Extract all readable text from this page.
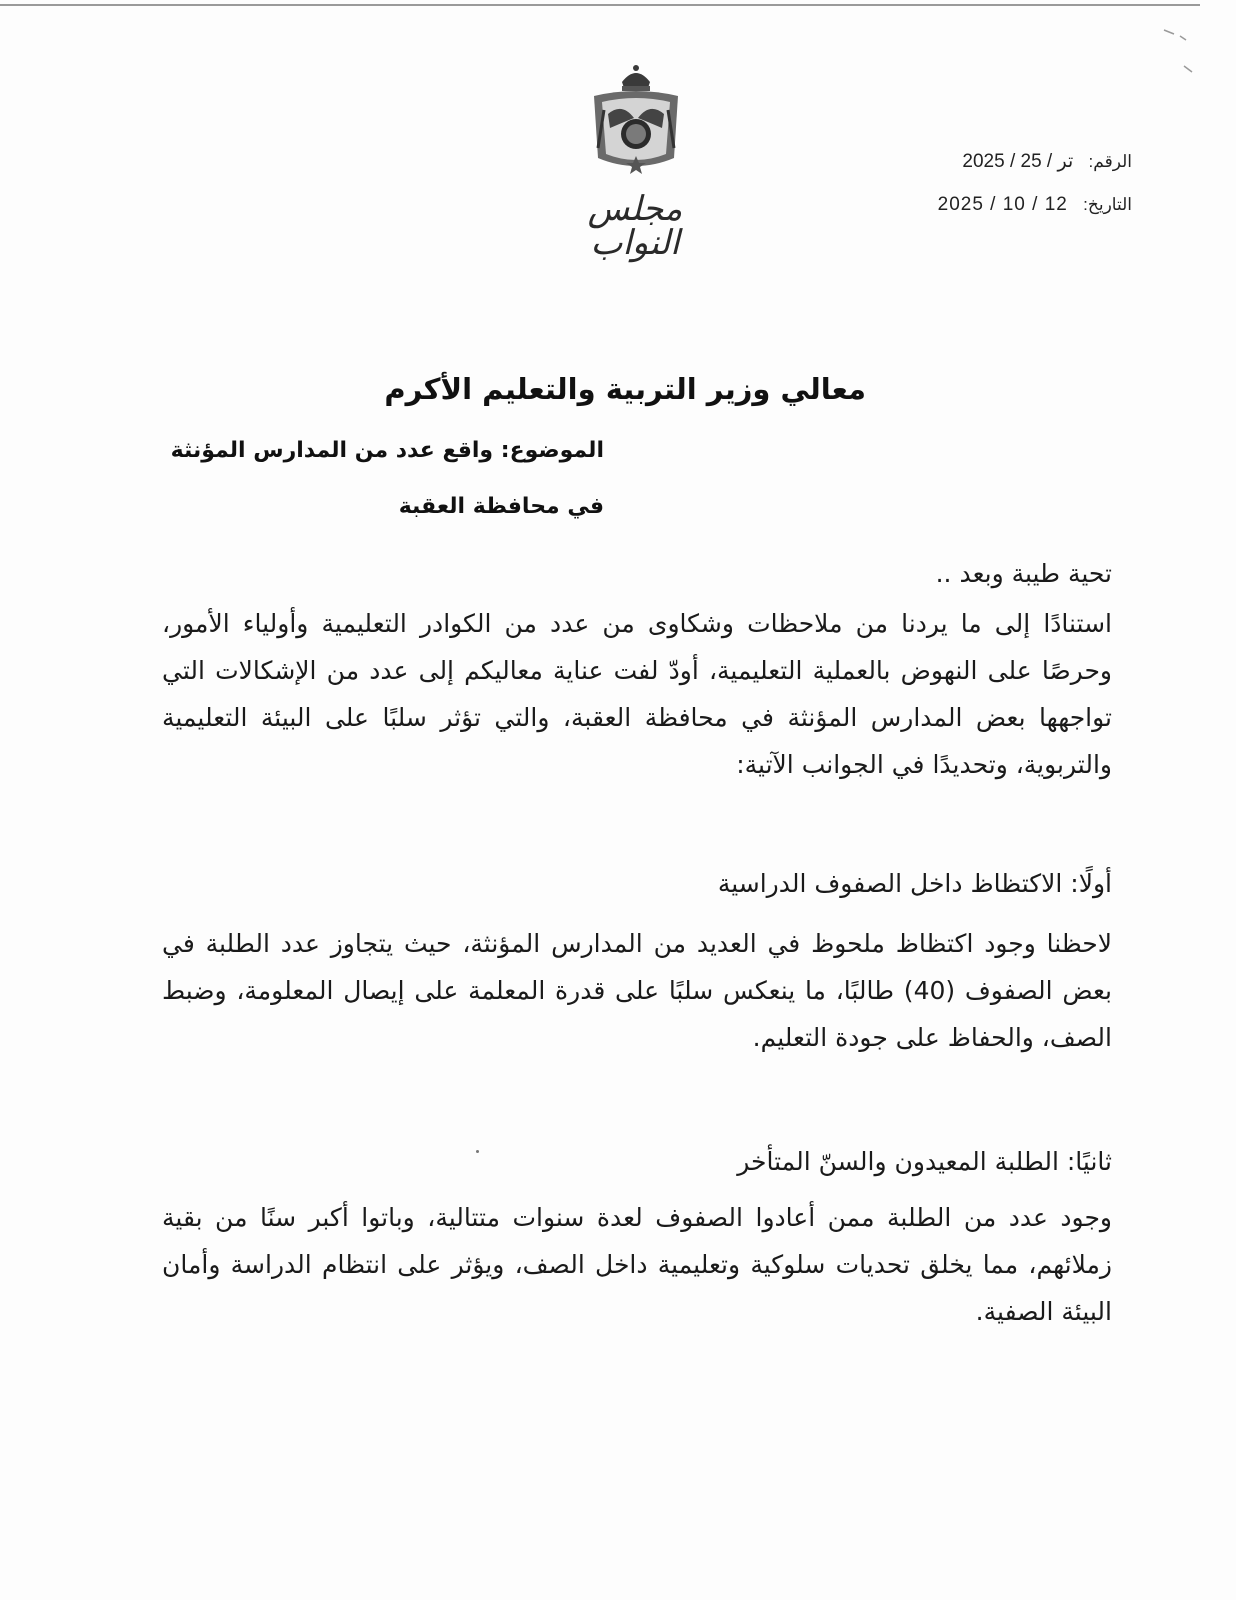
مجلس النواب
الرقم: 2025 / تر / 25
التاريخ: 2025 / 10 / 12
معالي وزير التربية والتعليم الأكرم
الموضوع: واقع عدد من المدارس المؤنثة
في محافظة العقبة
تحية طيبة وبعد ..
استنادًا إلى ما يردنا من ملاحظات وشكاوى من عدد من الكوادر التعليمية وأولياء الأمور، وحرصًا على النهوض بالعملية التعليمية، أودّ لفت عناية معاليكم إلى عدد من الإشكالات التي تواجهها بعض المدارس المؤنثة في محافظة العقبة، والتي تؤثر سلبًا على البيئة التعليمية والتربوية، وتحديدًا في الجوانب الآتية:
أولًا: الاكتظاظ داخل الصفوف الدراسية
لاحظنا وجود اكتظاظ ملحوظ في العديد من المدارس المؤنثة، حيث يتجاوز عدد الطلبة في بعض الصفوف (40) طالبًا، ما ينعكس سلبًا على قدرة المعلمة على إيصال المعلومة، وضبط الصف، والحفاظ على جودة التعليم.
ثانيًا: الطلبة المعيدون والسنّ المتأخر
وجود عدد من الطلبة ممن أعادوا الصفوف لعدة سنوات متتالية، وباتوا أكبر سنًا من بقية زملائهم، مما يخلق تحديات سلوكية وتعليمية داخل الصف، ويؤثر على انتظام الدراسة وأمان البيئة الصفية.
